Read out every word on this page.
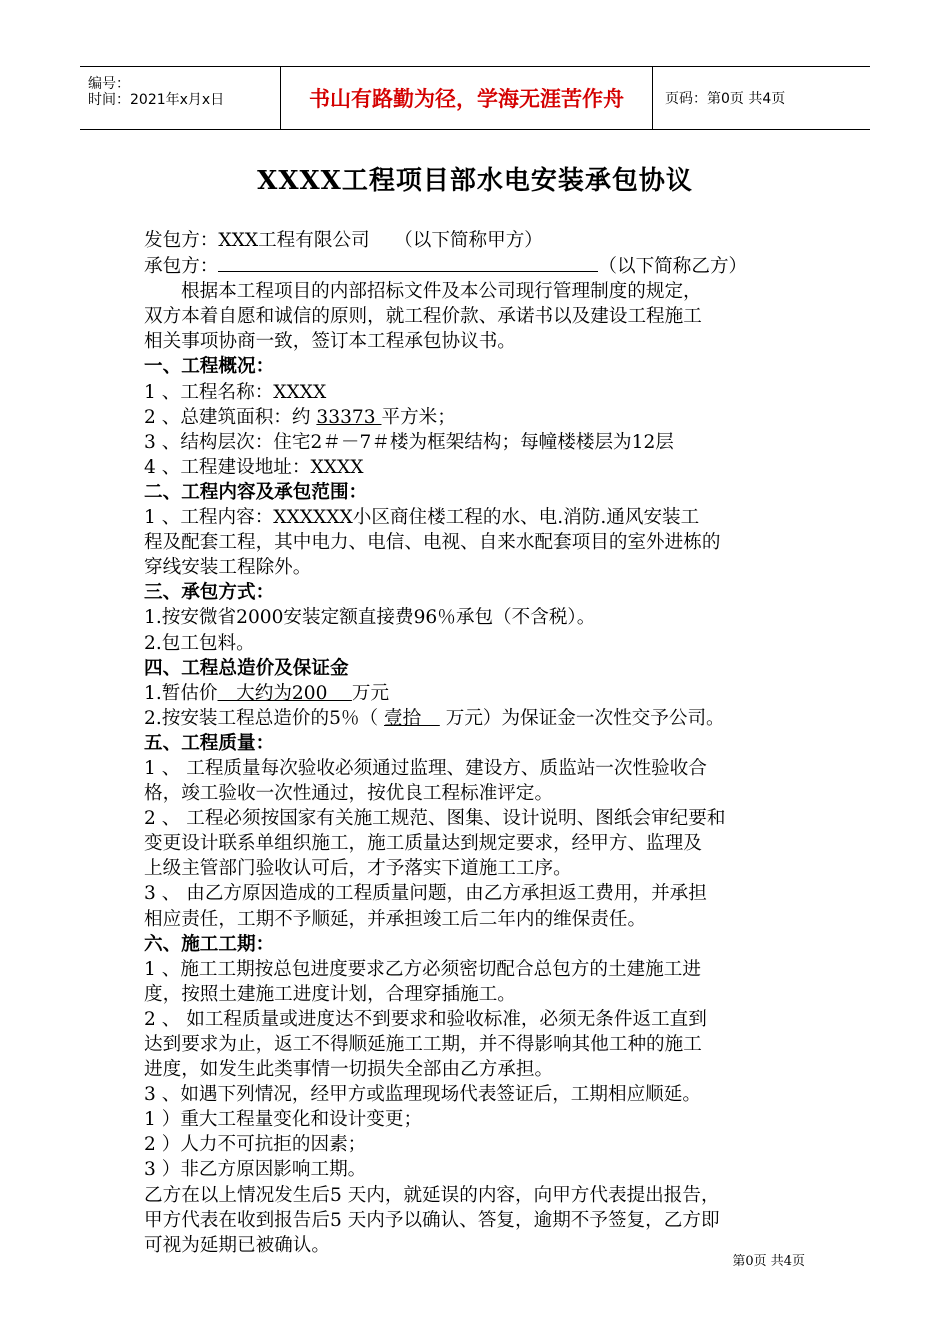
编号：
时间：2021年x月x日	书山有路勤为径，学海无涯苦作舟	页码：第0页 共4页
XXXX工程项目部水电安装承包协议

发包方：XXX工程有限公司　 （以下简称甲方）

承包方：	（以下简称乙方）

根据本工程项目的内部招标文件及本公司现行管理制度的规定，

双方本着自愿和诚信的原则，就工程价款、承诺书以及建设工程施工

相关事项协商一致，签订本工程承包协议书。

一、工程概况：

1 、工程名称：XXXX

2 、总建筑面积：约 33373 平方米；

3 、结构层次：住宅2＃－7＃楼为框架结构；每幢楼楼层为12层

4 、工程建设地址：XXXX

二、工程内容及承包范围：

1 、工程内容：XXXXXX小区商住楼工程的水、电.消防.通风安装工

程及配套工程，其中电力、电信、电视、自来水配套项目的室外进栋的

穿线安装工程除外。

三、承包方式：

1.按安微省2000安装定额直接费96％承包（不含税）。

2.包工包料。

四、工程总造价及保证金

1.暂估价　大约为200　 万元

2.按安装工程总造价的5％（ 壹拾　 万元）为保证金一次性交予公司。

五、工程质量：

1 、 工程质量每次验收必须通过监理、建设方、质监站一次性验收合

格，竣工验收一次性通过，按优良工程标准评定。

2 、 工程必须按国家有关施工规范、图集、设计说明、图纸会审纪要和

变更设计联系单组织施工，施工质量达到规定要求，经甲方、监理及

上级主管部门验收认可后，才予落实下道施工工序。

3 、 由乙方原因造成的工程质量问题，由乙方承担返工费用，并承担

相应责任，工期不予顺延，并承担竣工后二年内的维保责任。

六、施工工期：

1 、施工工期按总包进度要求乙方必须密切配合总包方的土建施工进

度，按照土建施工进度计划，合理穿插施工。

2 、 如工程质量或进度达不到要求和验收标准，必须无条件返工直到

达到要求为止，返工不得顺延施工工期，并不得影响其他工种的施工

进度，如发生此类事情一切损失全部由乙方承担。

3 、如遇下列情况，经甲方或监理现场代表签证后，工期相应顺延。

1 ）重大工程量变化和设计变更；

2 ）人力不可抗拒的因素；

3 ）非乙方原因影响工期。

乙方在以上情况发生后5 天内，就延误的内容，向甲方代表提出报告，

甲方代表在收到报告后5 天内予以确认、答复，逾期不予签复，乙方即

可视为延期已被确认。

第0页 共4页
